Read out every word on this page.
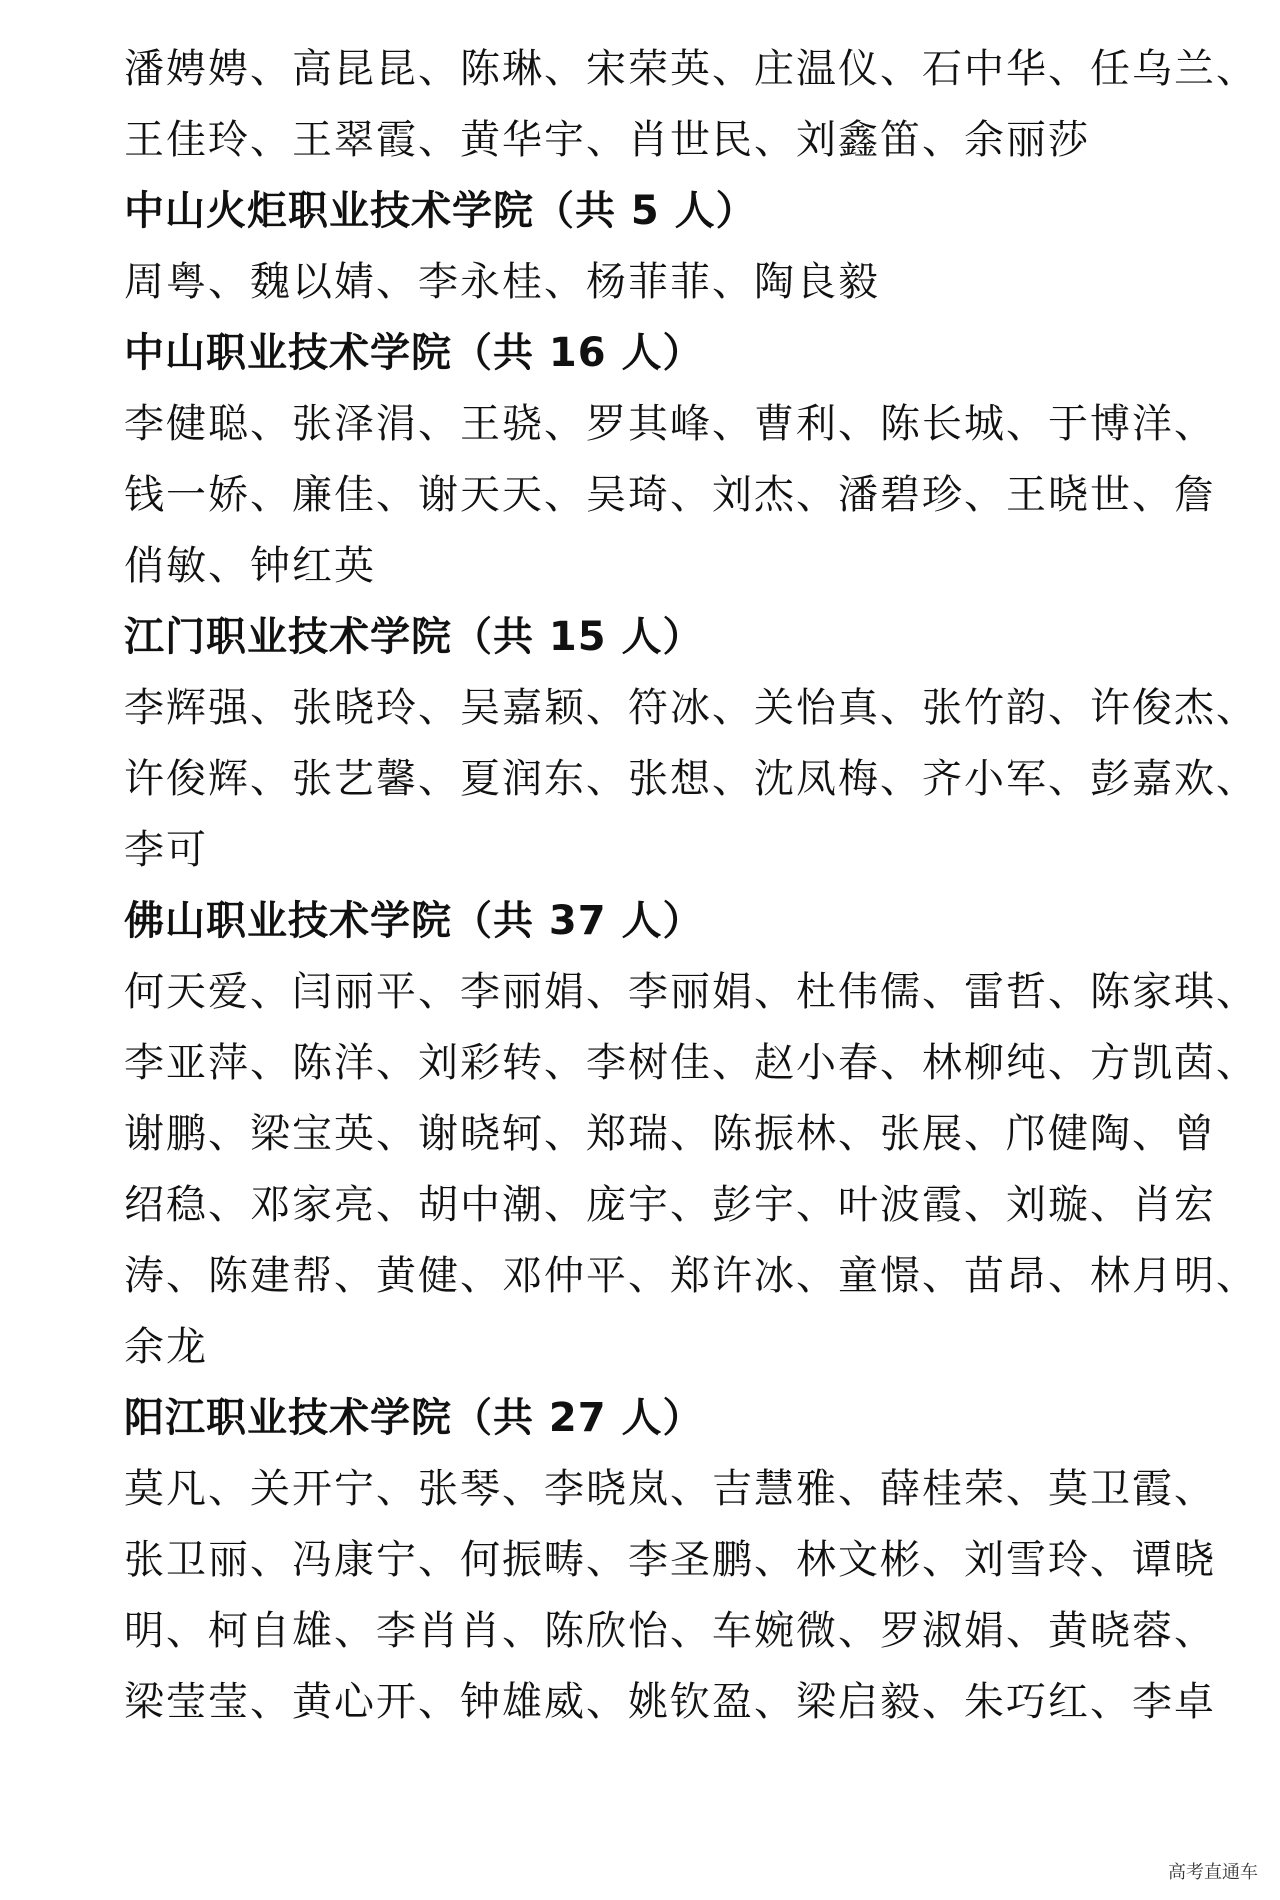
潘娉娉、高昆昆、陈琳、宋荣英、庄温仪、石中华、任乌兰、
王佳玲、王翠霞、黄华宇、肖世民、刘鑫笛、余丽莎
中山火炬职业技术学院（共 5 人）
周粤、魏以婧、李永桂、杨菲菲、陶良毅
中山职业技术学院（共 16 人）
李健聪、张泽涓、王骁、罗其峰、曹利、陈长城、于博洋、
钱一娇、廉佳、谢天天、吴琦、刘杰、潘碧珍、王晓世、詹
俏敏、钟红英
江门职业技术学院（共 15 人）
李辉强、张晓玲、吴嘉颖、符冰、关怡真、张竹韵、许俊杰、
许俊辉、张艺馨、夏润东、张想、沈凤梅、齐小军、彭嘉欢、
李可
佛山职业技术学院（共 37 人）
何天爱、闫丽平、李丽娟、李丽娟、杜伟儒、雷哲、陈家琪、
李亚萍、陈洋、刘彩转、李树佳、赵小春、林柳纯、方凯茵、
谢鹏、梁宝英、谢晓轲、郑瑞、陈振林、张展、邝健陶、曾
绍稳、邓家亮、胡中潮、庞宇、彭宇、叶波霞、刘璇、肖宏
涛、陈建帮、黄健、邓仲平、郑许冰、童憬、苗昂、林月明、
余龙
阳江职业技术学院（共 27 人）
莫凡、关开宁、张琴、李晓岚、吉慧雅、薛桂荣、莫卫霞、
张卫丽、冯康宁、何振畴、李圣鹏、林文彬、刘雪玲、谭晓
明、柯自雄、李肖肖、陈欣怡、车婉微、罗淑娟、黄晓蓉、
梁莹莹、黄心开、钟雄威、姚钦盈、梁启毅、朱巧红、李卓
高考直通车
